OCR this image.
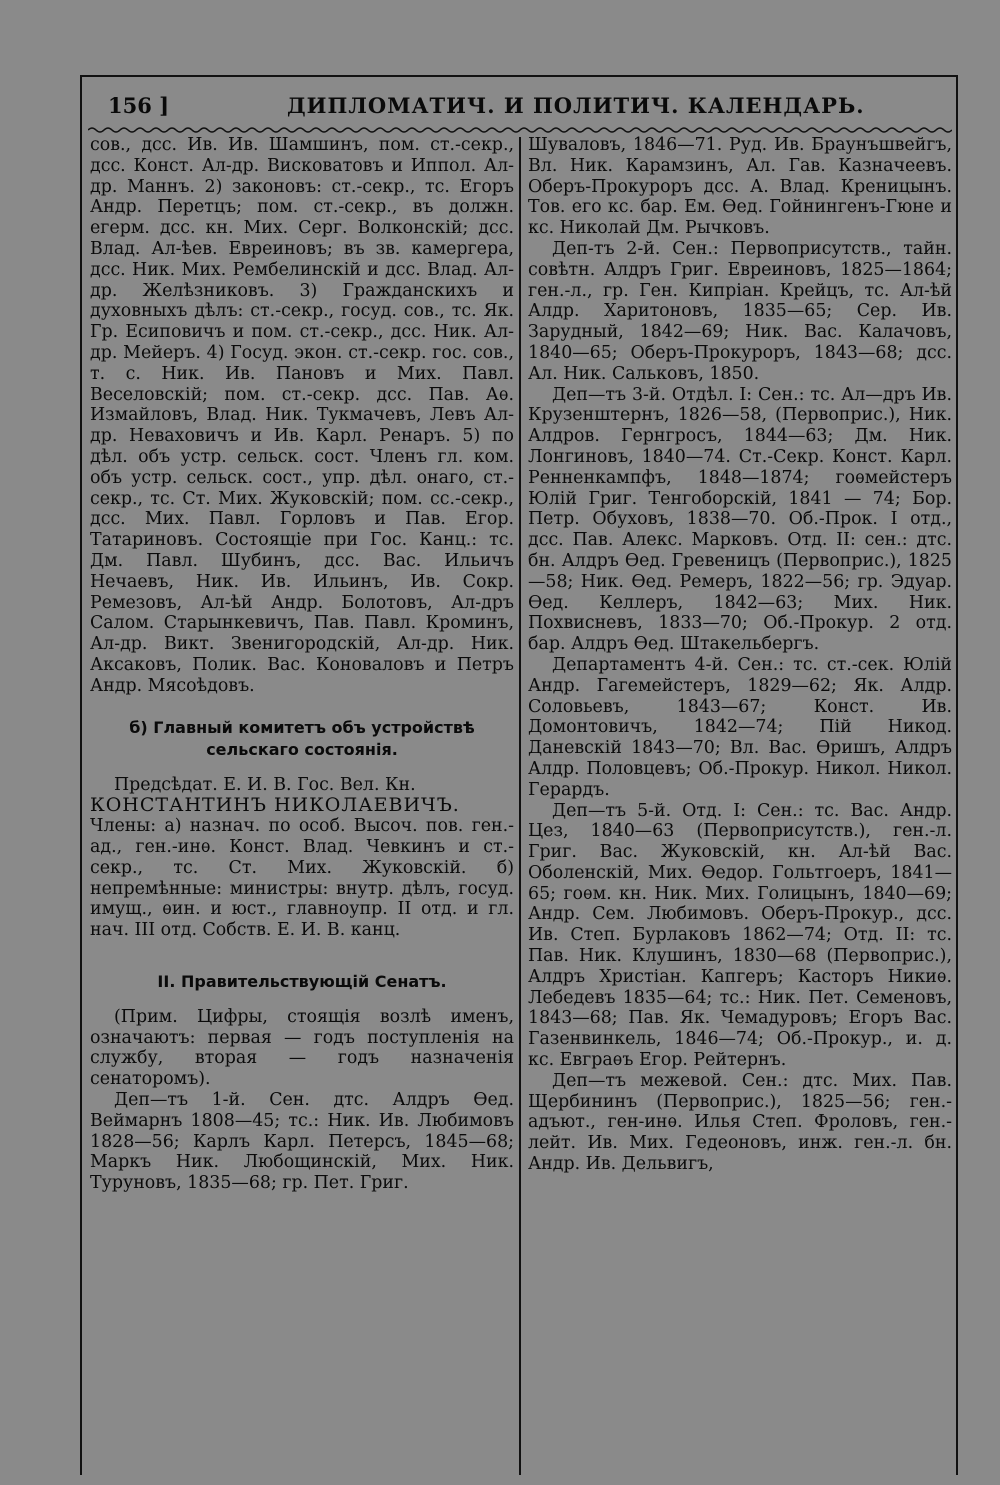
156 ]	ДИПЛОМАТИЧ. И ПОЛИТИЧ. КАЛЕНДАРЬ.

сов., дсс. Ив. Ив. Шамшинъ, пом. ст.-секр., дсс. Конст. Ал-др. Висковатовъ и Иппол. Ал-др. Маннъ. 2) законовъ: ст.-секр., тс. Егоръ Андр. Перетцъ; пом. ст.-секр., въ должн. егерм. дсс. кн. Мих. Серг. Волконскій; дсс. Влад. Ал-ѣев. Евреиновъ; въ зв. камергера, дсс. Ник. Мих. Рембелинскій и дсс. Влад. Ал-др. Желѣзниковъ. 3) Гражданскихъ и духовныхъ дѣлъ: ст.-секр., госуд. сов., тс. Як. Гр. Есиповичъ и пом. ст.-секр., дсс. Ник. Ал-др. Мейеръ. 4) Госуд. экон. ст.-секр. гос. сов., т. с. Ник. Ив. Пановъ и Мих. Павл. Веселовскій; пом. ст.-секр. дсс. Пав. Аѳ. Измайловъ, Влад. Ник. Тукмачевъ, Левъ Ал-др. Неваховичъ и Ив. Карл. Ренаръ. 5) по дѣл. объ устр. сельск. сост. Членъ гл. ком. объ устр. сельск. сост., упр. дѣл. онаго, ст.-секр., тс. Ст. Мих. Жуковскій; пом. сс.-секр., дсс. Мих. Павл. Горловъ и Пав. Егор. Татариновъ. Состоящіе при Гос. Канц.: тс. Дм. Павл. Шубинъ, дсс. Вас. Ильичъ Нечаевъ, Ник. Ив. Ильинъ, Ив. Сокр. Ремезовъ, Ал-ѣй Андр. Болотовъ, Ал-дръ Салом. Старынкевичъ, Пав. Павл. Кроминъ, Ал-др. Викт. Звенигородскій, Ал-др. Ник. Аксаковъ, Полик. Вас. Коноваловъ и Петръ Андр. Мясоѣдовъ.

б) Главный комитетъ объ устройствѣ сельскаго состоянія.

Предсѣдат. Е. И. В. Гос. Вел. Кн.

КОНСТАНТИНЪ НИКОЛАЕВИЧЪ.

Члены: а) назнач. по особ. Высоч. пов. ген.-ад., ген.-инѳ. Конст. Влад. Чевкинъ и ст.-секр., тс. Ст. Мих. Жуковскій. б) непремѣнные: министры: внутр. дѣлъ, госуд. имущ., ѳин. и юст., главноупр. II отд. и гл. нач. III отд. Собств. Е. И. В. канц.

II. Правительствующій Сенатъ.

(Прим. Цифры, стоящія возлѣ именъ, означаютъ: первая — годъ поступленія на службу, вторая — годъ назначенія сенаторомъ).

Деп—тъ 1-й. Сен. дтс. Алдръ Ѳед. Веймарнъ 1808—45; тс.: Ник. Ив. Любимовъ 1828—56; Карлъ Карл. Петерсъ, 1845—68; Маркъ Ник. Любощинскій, Мих. Ник. Туруновъ, 1835—68; гр. Пет. Григ.

Шуваловъ, 1846—71. Руд. Ив. Браунъшвейгъ, Вл. Ник. Карамзинъ, Ал. Гав. Казначеевъ. Оберъ-Прокуроръ дсс. А. Влад. Креницынъ. Тов. его кс. бар. Ем. Ѳед. Гойнингенъ-Гюне и кс. Николай Дм. Рычковъ.

Деп-тъ 2-й. Сен.: Первоприсутств., тайн. совѣтн. Алдръ Григ. Евреиновъ, 1825—1864; ген.-л., гр. Ген. Кипріан. Крейцъ, тс. Ал-ѣй Алдр. Харитоновъ, 1835—65; Сер. Ив. Зарудный, 1842—69; Ник. Вас. Калачовъ, 1840—65; Оберъ-Прокуроръ, 1843—68; дсс. Ал. Ник. Сальковъ, 1850.

Деп—тъ 3-й. Отдѣл. I: Сен.: тс. Ал—дръ Ив. Крузенштернъ, 1826—58, (Первоприс.), Ник. Алдров. Гернгросъ, 1844—63; Дм. Ник. Лонгиновъ, 1840—74. Ст.-Секр. Конст. Карл. Ренненкампфъ, 1848—1874; гоѳмейстеръ Юлій Григ. Тенгоборскій, 1841 — 74; Бор. Петр. Обуховъ, 1838—70. Об.-Прок. I отд., дсс. Пав. Алекс. Марковъ. Отд. II: сен.: дтс. бн. Алдръ Ѳед. Гревеницъ (Первоприс.), 1825—58; Ник. Ѳед. Ремеръ, 1822—56; гр. Эдуар. Ѳед. Келлеръ, 1842—63; Мих. Ник. Похвисневъ, 1833—70; Об.-Прокур. 2 отд. бар. Алдръ Ѳед. Штакельбергъ.

Департаментъ 4-й. Сен.: тс. ст.-сек. Юлій Андр. Гагемейстеръ, 1829—62; Як. Алдр. Соловьевъ, 1843—67; Конст. Ив. Домонтовичъ, 1842—74; Пій Никод. Даневскій 1843—70; Вл. Вас. Ѳришъ, Алдръ Алдр. Половцевъ; Об.-Прокур. Никол. Никол. Герардъ.

Деп—тъ 5-й. Отд. I: Сен.: тс. Вас. Андр. Цез, 1840—63 (Первоприсутств.), ген.-л. Григ. Вас. Жуковскій, кн. Ал-ѣй Вас. Оболенскій, Мих. Ѳедор. Гольтгоеръ, 1841—65; гоѳм. кн. Ник. Мих. Голицынъ, 1840—69; Андр. Сем. Любимовъ. Оберъ-Прокур., дсс. Ив. Степ. Бурлаковъ 1862—74; Отд. II: тс. Пав. Ник. Клушинъ, 1830—68 (Первоприс.), Алдръ Христіан. Капгеръ; Касторъ Никиѳ. Лебедевъ 1835—64; тс.: Ник. Пет. Семеновъ, 1843—68; Пав. Як. Чемадуровъ; Егоръ Вас. Газенвинкель, 1846—74; Об.-Прокур., и. д. кс. Евграѳъ Егор. Рейтернъ.

Деп—тъ межевой. Сен.: дтс. Мих. Пав. Щербининъ (Первоприс.), 1825—56; ген.-адъют., ген-инѳ. Илья Степ. Фроловъ, ген.-лейт. Ив. Мих. Гедеоновъ, инж. ген.-л. бн. Андр. Ив. Дельвигъ,
